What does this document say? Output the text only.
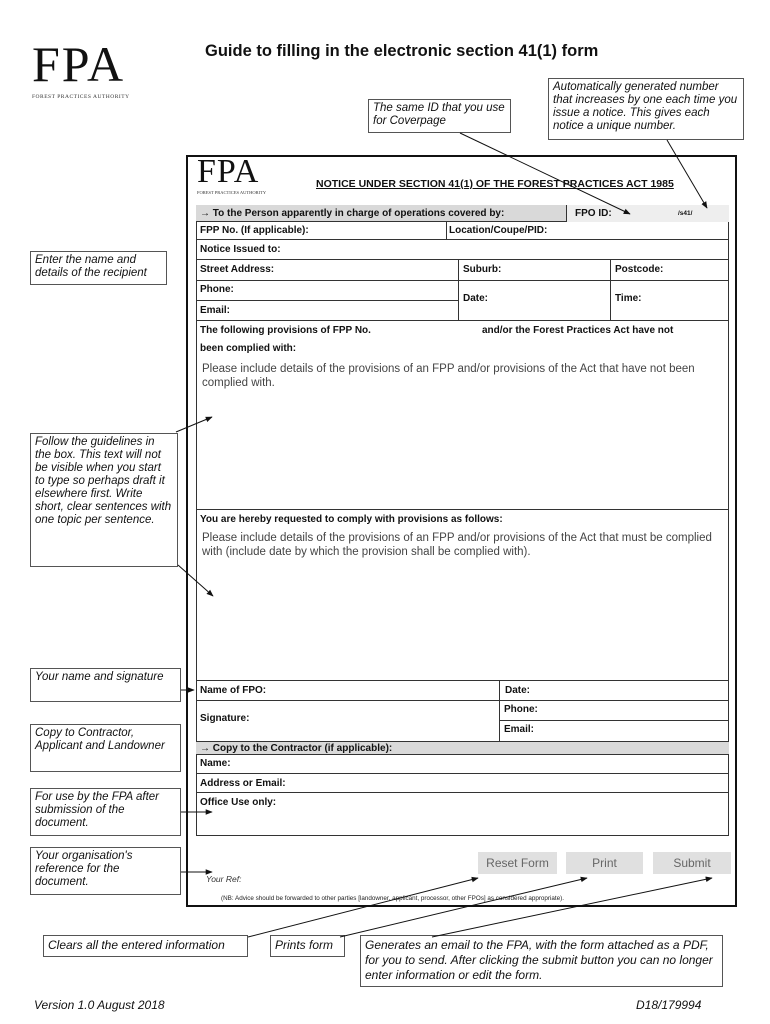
FPA
FOREST PRACTICES AUTHORITY
Guide to filling in the electronic section 41(1) form
The same ID that you use for Coverpage
Automatically generated number that increases by one each time you issue a notice. This gives each notice a unique number.
Enter the name and details of the recipient
Follow the guidelines in the box. This text will not be visible when you start to type so perhaps draft it elsewhere first. Write short, clear sentences with one topic per sentence.
Your name and signature
Copy to Contractor, Applicant and Landowner
For use by the FPA after submission of the document.
Your organisation's reference for the document.
Clears all the entered information	Prints form	Generates an email to the FPA, with the form attached as a PDF, for you to send. After clicking the submit button you can no longer enter information or edit the form.
FPA
FOREST PRACTICES AUTHORITY
NOTICE UNDER SECTION 41(1) OF THE FOREST PRACTICES ACT 1985
→ To the Person apparently in charge of operations covered by:	FPO ID:	/s41/
FPP No. (If applicable):	Location/Coupe/PID:
Notice Issued to:
Street Address:	Suburb:	Postcode:
Phone:
Email:
Date:	Time:
The following provisions of FPP No.	and/or the Forest Practices Act have not
been complied with:
Please include details of the provisions of an FPP and/or provisions of the Act that have not been complied with.
You are hereby requested to comply with provisions as follows:
Please include details of the provisions of an FPP and/or provisions of the Act that must be complied with (include date by which the provision shall be complied with).
Name of FPO:	Date:
Signature:
Phone:
Email:
→ Copy to the Contractor (if applicable):
Name:
Address or Email:
Office Use only:
Your Ref:
Reset Form	Print	Submit
(NB: Advice should be forwarded to other parties [landowner, applicant, processor, other FPOs] as considered appropriate).
Version 1.0 August 2018	D18/179994
